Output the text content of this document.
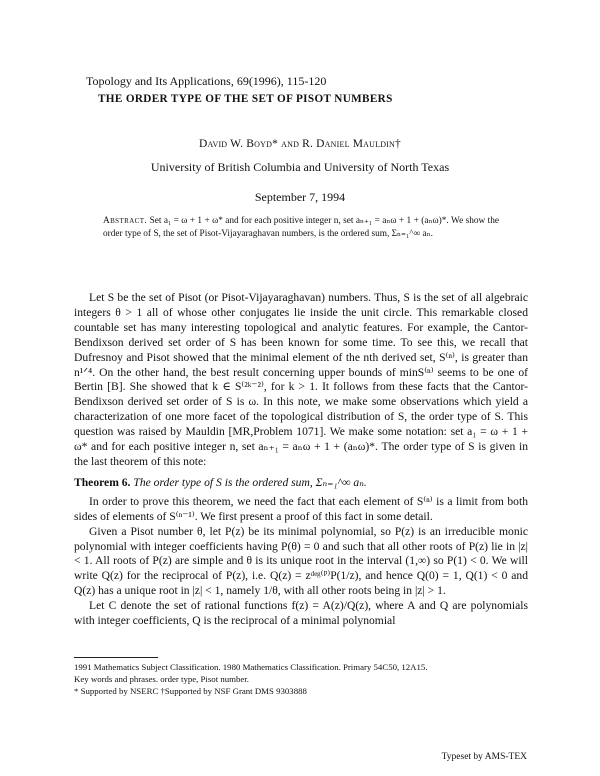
Topology and Its Applications, 69(1996), 115-120
THE ORDER TYPE OF THE SET OF PISOT NUMBERS
David W. Boyd* and R. Daniel Mauldin†
University of British Columbia and University of North Texas
September 7, 1994
Abstract. Set a₁ = ω + 1 + ω* and for each positive integer n, set aₙ₊₁ = aₙω + 1 + (aₙω)*. We show the order type of S, the set of Pisot-Vijayaraghavan numbers, is the ordered sum, Σₙ₌₁^∞ aₙ.

Let S be the set of Pisot (or Pisot-Vijayaraghavan) numbers. Thus, S is the set of all algebraic integers θ > 1 all of whose other conjugates lie inside the unit circle. This remarkable closed countable set has many interesting topological and analytic features. For example, the Cantor-Bendixson derived set order of S has been known for some time. To see this, we recall that Dufresnoy and Pisot showed that the minimal element of the nth derived set, S⁽ⁿ⁾, is greater than n¹ᐟ⁴. On the other hand, the best result concerning upper bounds of minS⁽ⁿ⁾ seems to be one of Bertin [B]. She showed that k ∈ S⁽²ᵏ⁻²⁾, for k > 1. It follows from these facts that the Cantor-Bendixson derived set order of S is ω. In this note, we make some observations which yield a characterization of one more facet of the topological distribution of S, the order type of S. This question was raised by Mauldin [MR,Problem 1071]. We make some notation: set a₁ = ω + 1 + ω* and for each positive integer n, set aₙ₊₁ = aₙω + 1 + (aₙω)*. The order type of S is given in the last theorem of this note:

Theorem 6. The order type of S is the ordered sum, Σₙ₌₁^∞ aₙ.

In order to prove this theorem, we need the fact that each element of S⁽ⁿ⁾ is a limit from both sides of elements of S⁽ⁿ⁻¹⁾. We first present a proof of this fact in some detail.

Given a Pisot number θ, let P(z) be its minimal polynomial, so P(z) is an irreducible monic polynomial with integer coefficients having P(θ) = 0 and such that all other roots of P(z) lie in |z| < 1. All roots of P(z) are simple and θ is its unique root in the interval (1,∞) so P(1) < 0. We will write Q(z) for the reciprocal of P(z), i.e. Q(z) = zᵈᵉᵍ⁽ᴾ⁾P(1/z), and hence Q(0) = 1, Q(1) < 0 and Q(z) has a unique root in |z| < 1, namely 1/θ, with all other roots being in |z| > 1.

Let C denote the set of rational functions f(z) = A(z)/Q(z), where A and Q are polynomials with integer coefficients, Q is the reciprocal of a minimal polynomial

1991 Mathematics Subject Classification. 1980 Mathematics Classification. Primary 54C50, 12A15.
Key words and phrases. order type, Pisot number.
* Supported by NSERC †Supported by NSF Grant DMS 9303888
Typeset by AMS-TEX
